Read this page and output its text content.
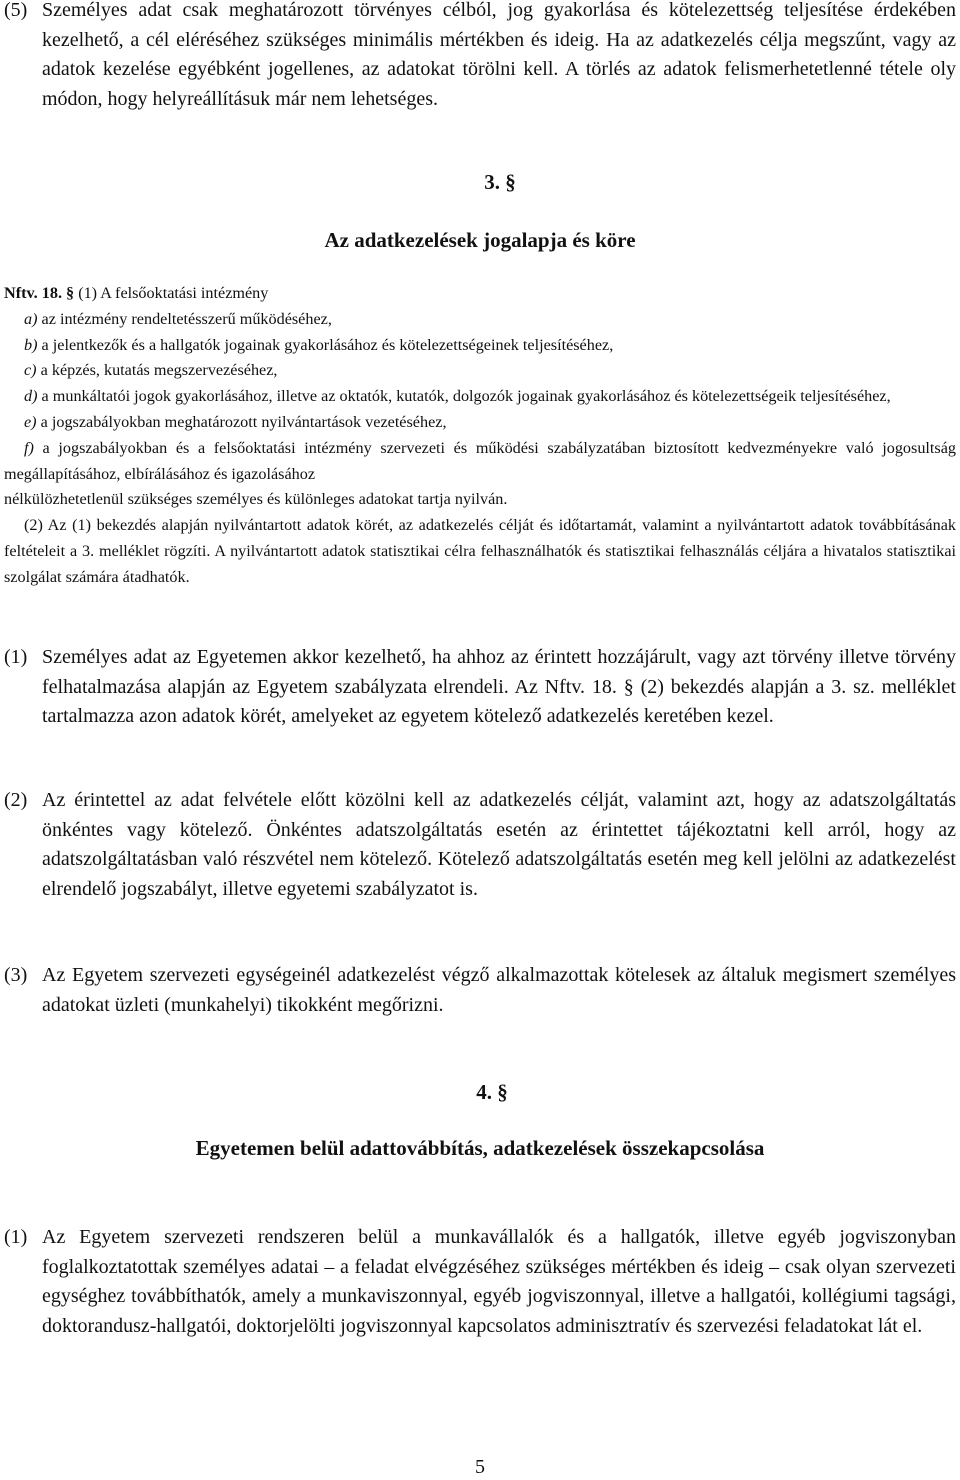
(5) Személyes adat csak meghatározott törvényes célból, jog gyakorlása és kötelezettség teljesítése érdekében kezelhető, a cél eléréséhez szükséges minimális mértékben és ideig. Ha az adatkezelés célja megszűnt, vagy az adatok kezelése egyébként jogellenes, az adatokat törölni kell. A törlés az adatok felismerhetetlenné tétele oly módon, hogy helyreállításuk már nem lehetséges.
3. §
Az adatkezelések jogalapja és köre

Nftv. 18. § (1) A felsőoktatási intézmény

a) az intézmény rendeltetésszerű működéséhez,

b) a jelentkezők és a hallgatók jogainak gyakorlásához és kötelezettségeinek teljesítéséhez,

c) a képzés, kutatás megszervezéséhez,

d) a munkáltatói jogok gyakorlásához, illetve az oktatók, kutatók, dolgozók jogainak gyakorlásához és kötelezettségeik teljesítéséhez,

e) a jogszabályokban meghatározott nyilvántartások vezetéséhez,

f) a jogszabályokban és a felsőoktatási intézmény szervezeti és működési szabályzatában biztosított kedvezményekre való jogosultság megállapításához, elbírálásához és igazolásához

nélkülözhetetlenül szükséges személyes és különleges adatokat tartja nyilván.

(2) Az (1) bekezdés alapján nyilvántartott adatok körét, az adatkezelés célját és időtartamát, valamint a nyilvántartott adatok továbbításának feltételeit a 3. melléklet rögzíti. A nyilvántartott adatok statisztikai célra felhasználhatók és statisztikai felhasználás céljára a hivatalos statisztikai szolgálat számára átadhatók.

(1) Személyes adat az Egyetemen akkor kezelhető, ha ahhoz az érintett hozzájárult, vagy azt törvény illetve törvény felhatalmazása alapján az Egyetem szabályzata elrendeli. Az Nftv. 18. § (2) bekezdés alapján a 3. sz. melléklet tartalmazza azon adatok körét, amelyeket az egyetem kötelező adatkezelés keretében kezel.
(2) Az érintettel az adat felvétele előtt közölni kell az adatkezelés célját, valamint azt, hogy az adatszolgáltatás önkéntes vagy kötelező. Önkéntes adatszolgáltatás esetén az érintettet tájékoztatni kell arról, hogy az adatszolgáltatásban való részvétel nem kötelező. Kötelező adatszolgáltatás esetén meg kell jelölni az adatkezelést elrendelő jogszabályt, illetve egyetemi szabályzatot is.
(3) Az Egyetem szervezeti egységeinél adatkezelést végző alkalmazottak kötelesek az általuk megismert személyes adatokat üzleti (munkahelyi) tikokként megőrizni.
4. §
Egyetemen belül adattovábbítás, adatkezelések összekapcsolása
(1) Az Egyetem szervezeti rendszeren belül a munkavállalók és a hallgatók, illetve egyéb jogviszonyban foglalkoztatottak személyes adatai – a feladat elvégzéséhez szükséges mértékben és ideig – csak olyan szervezeti egységhez továbbíthatók, amely a munkaviszonnyal, egyéb jogviszonnyal, illetve a hallgatói, kollégiumi tagsági, doktorandusz-hallgatói, doktorjelölti jogviszonnyal kapcsolatos adminisztratív és szervezési feladatokat lát el.
5
